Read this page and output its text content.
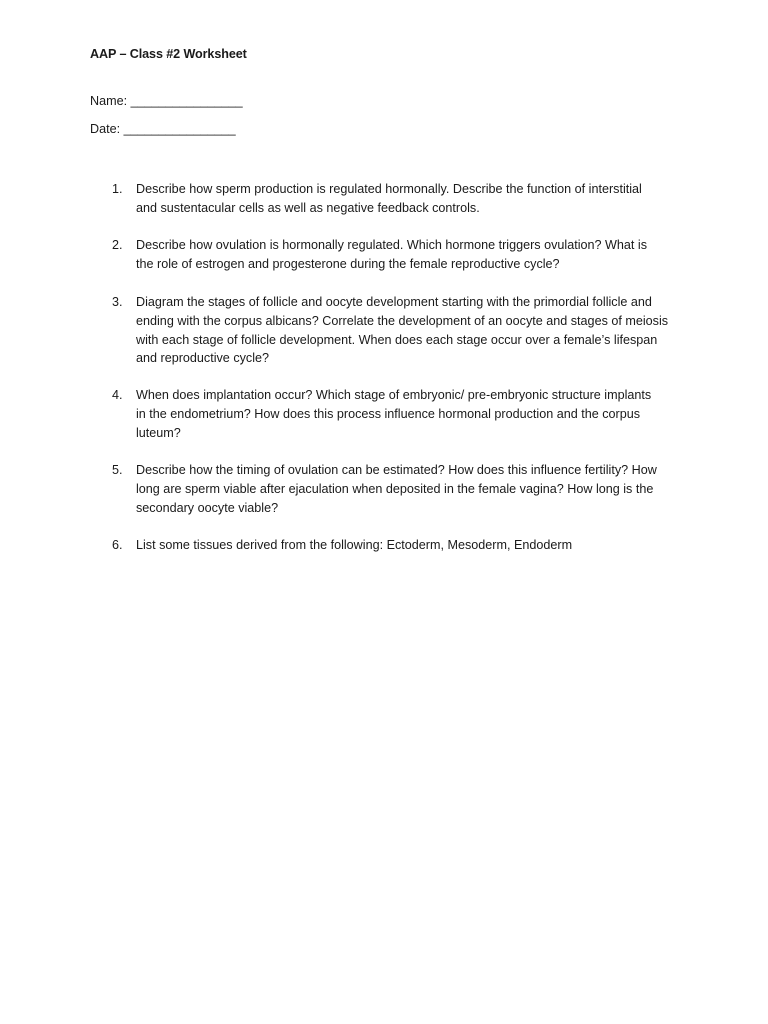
AAP – Class #2 Worksheet
Name: ________________
Date: ________________
1.	Describe how sperm production is regulated hormonally. Describe the function of interstitial
and sustentacular cells as well as negative feedback controls.
2.	Describe how ovulation is hormonally regulated. Which hormone triggers ovulation? What is
the role of estrogen and progesterone during the female reproductive cycle?
3.	Diagram the stages of follicle and oocyte development starting with the primordial follicle and
ending with the corpus albicans? Correlate the development of an oocyte and stages of meiosis
with each stage of follicle development. When does each stage occur over a female’s lifespan
and reproductive cycle?
4.	When does implantation occur? Which stage of embryonic/ pre-embryonic structure implants
in the endometrium? How does this process influence hormonal production and the corpus
luteum?
5.	Describe how the timing of ovulation can be estimated? How does this influence fertility? How
long are sperm viable after ejaculation when deposited in the female vagina? How long is the
secondary oocyte viable?
6.	List some tissues derived from the following: Ectoderm, Mesoderm, Endoderm
